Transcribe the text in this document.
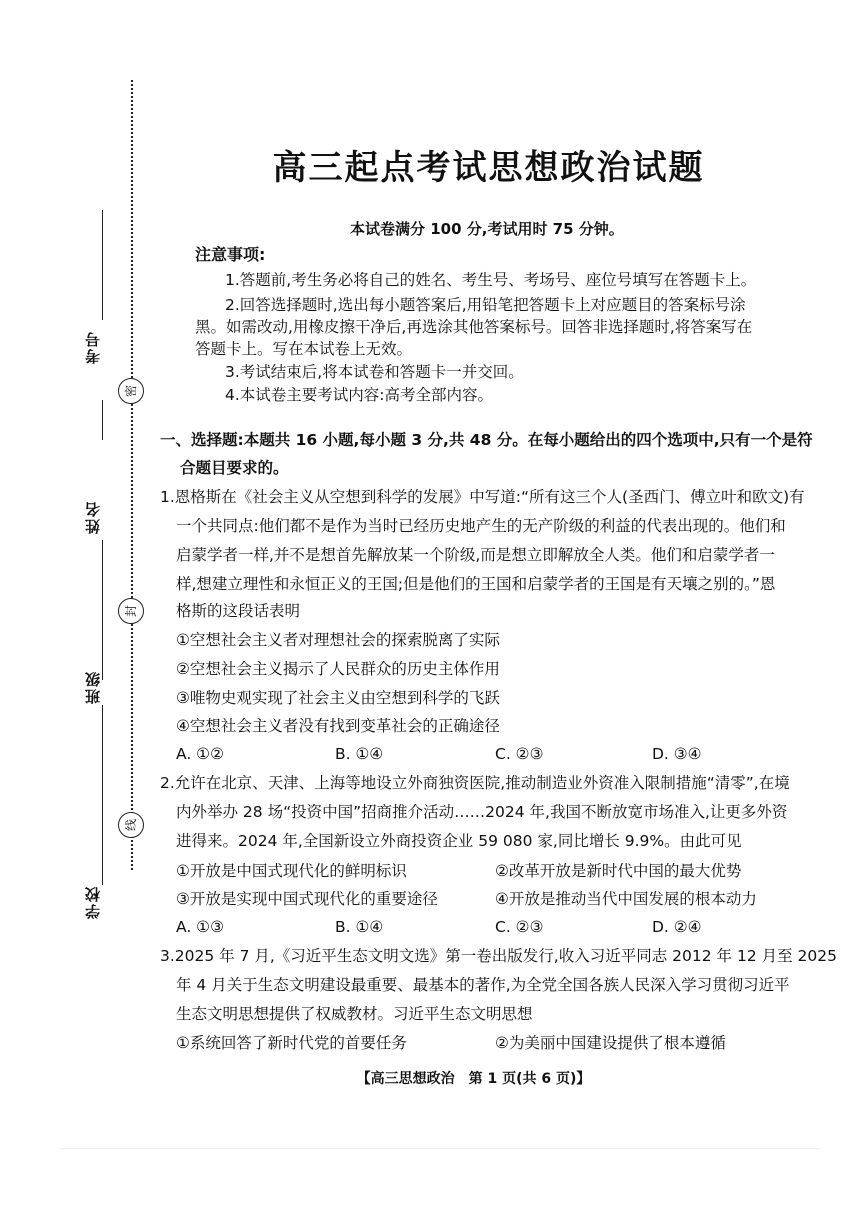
密
封
线
考号
姓名
班级
学校
高三起点考试思想政治试题
本试卷满分 100 分,考试用时 75 分钟。
注意事项:
1.答题前,考生务必将自己的姓名、考生号、考场号、座位号填写在答题卡上。
2.回答选择题时,选出每小题答案后,用铅笔把答题卡上对应题目的答案标号涂
黑。如需改动,用橡皮擦干净后,再选涂其他答案标号。回答非选择题时,将答案写在
答题卡上。写在本试卷上无效。
3.考试结束后,将本试卷和答题卡一并交回。
4.本试卷主要考试内容:高考全部内容。
一、选择题:本题共 16 小题,每小题 3 分,共 48 分。在每小题给出的四个选项中,只有一个是符
合题目要求的。
1.恩格斯在《社会主义从空想到科学的发展》中写道:“所有这三个人(圣西门、傅立叶和欧文)有
一个共同点:他们都不是作为当时已经历史地产生的无产阶级的利益的代表出现的。他们和
启蒙学者一样,并不是想首先解放某一个阶级,而是想立即解放全人类。他们和启蒙学者一
样,想建立理性和永恒正义的王国;但是他们的王国和启蒙学者的王国是有天壤之别的。”恩
格斯的这段话表明
①空想社会主义者对理想社会的探索脱离了实际
②空想社会主义揭示了人民群众的历史主体作用
③唯物史观实现了社会主义由空想到科学的飞跃
④空想社会主义者没有找到变革社会的正确途径
A. ①②	B. ①④	C. ②③	D. ③④
2.允许在北京、天津、上海等地设立外商独资医院,推动制造业外资准入限制措施“清零”,在境
内外举办 28 场“投资中国”招商推介活动……2024 年,我国不断放宽市场准入,让更多外资
进得来。2024 年,全国新设立外商投资企业 59 080 家,同比增长 9.9%。由此可见
①开放是中国式现代化的鲜明标识	②改革开放是新时代中国的最大优势
③开放是实现中国式现代化的重要途径	④开放是推动当代中国发展的根本动力
A. ①③	B. ①④	C. ②③	D. ②④
3.2025 年 7 月,《习近平生态文明文选》第一卷出版发行,收入习近平同志 2012 年 12 月至 2025
年 4 月关于生态文明建设最重要、最基本的著作,为全党全国各族人民深入学习贯彻习近平
生态文明思想提供了权威教材。习近平生态文明思想
①系统回答了新时代党的首要任务	②为美丽中国建设提供了根本遵循
【高三思想政治　第 1 页(共 6 页)】
